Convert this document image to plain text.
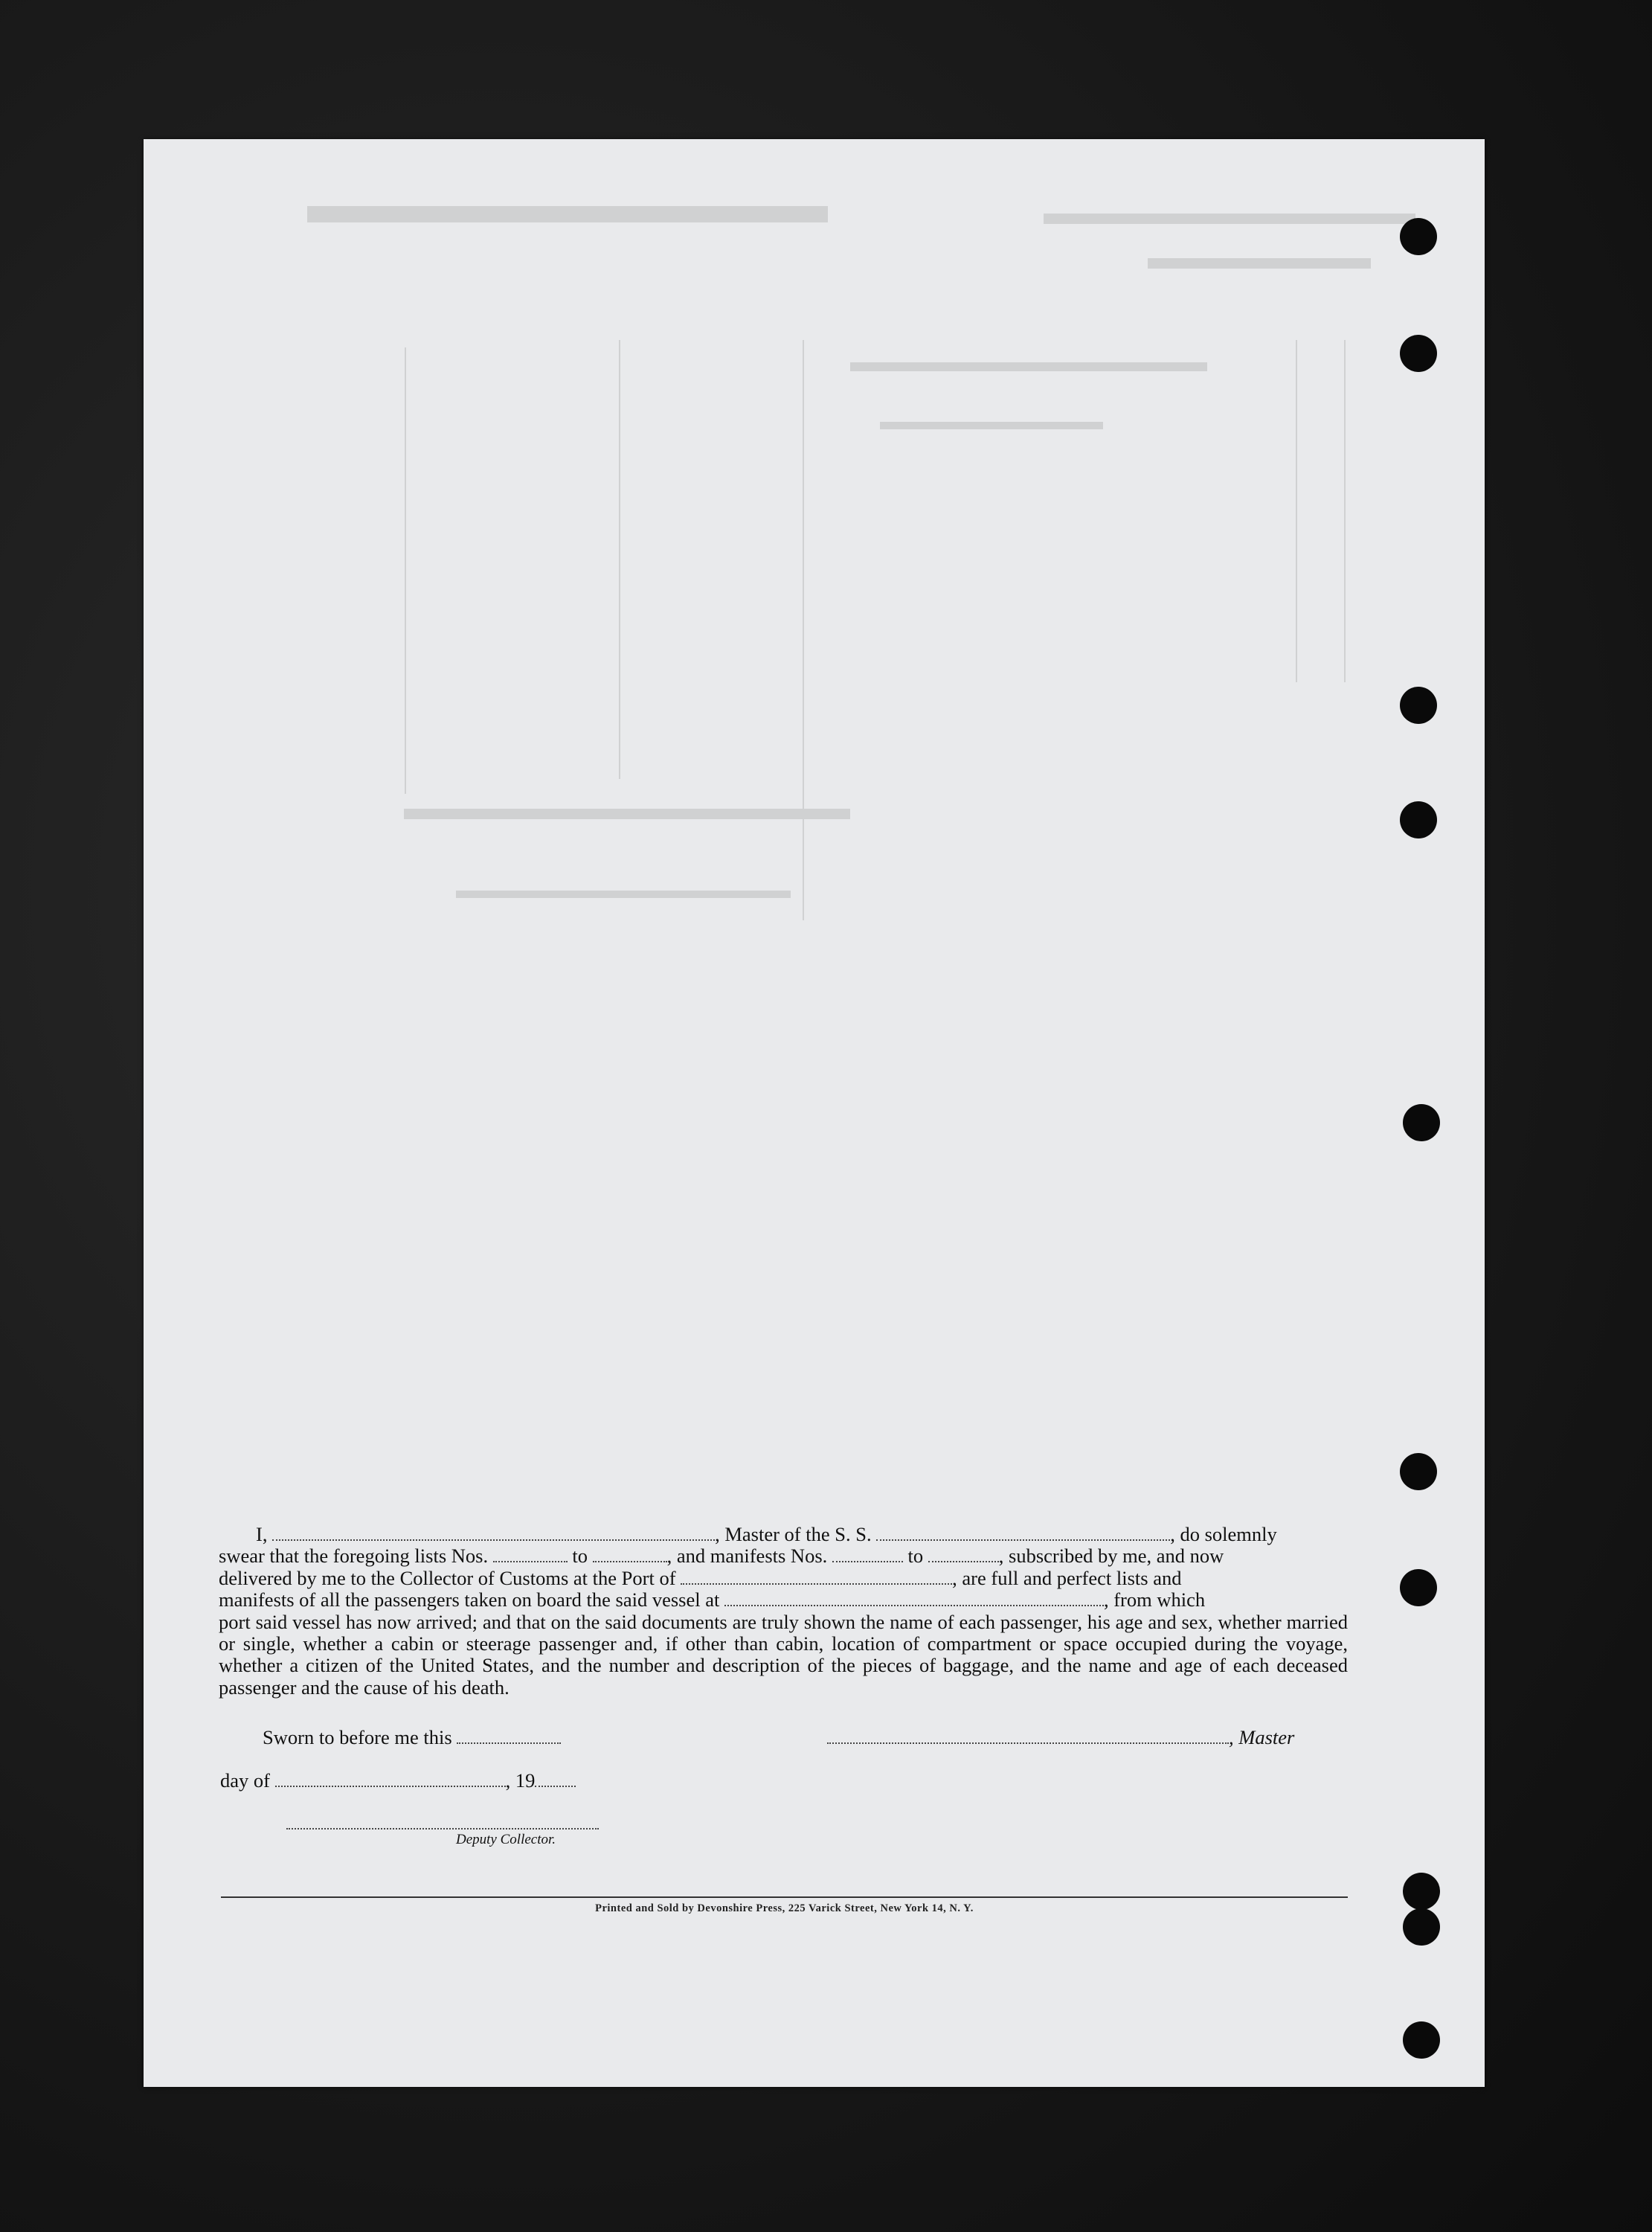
I,	, Master of the S. S.	, do solemnly
swear that the foregoing lists Nos.	to	, and manifests Nos.	to	, subscribed by me, and now
delivered by me to the Collector of Customs at the Port of	, are full and perfect lists and
manifests of all the passengers taken on board the said vessel at	, from which
port said vessel has now arrived; and that on the said documents are truly shown the name of each passenger, his age and sex, whether married or single, whether a cabin or steerage passenger and, if other than cabin, location of compartment or space occupied during the voyage, whether a citizen of the United States, and the number and description of the pieces of baggage, and the name and age of each deceased passenger and the cause of his death.
Sworn to before me this	, Master
day of	, 19
Deputy Collector.
Printed and Sold by Devonshire Press, 225 Varick Street, New York 14, N. Y.
